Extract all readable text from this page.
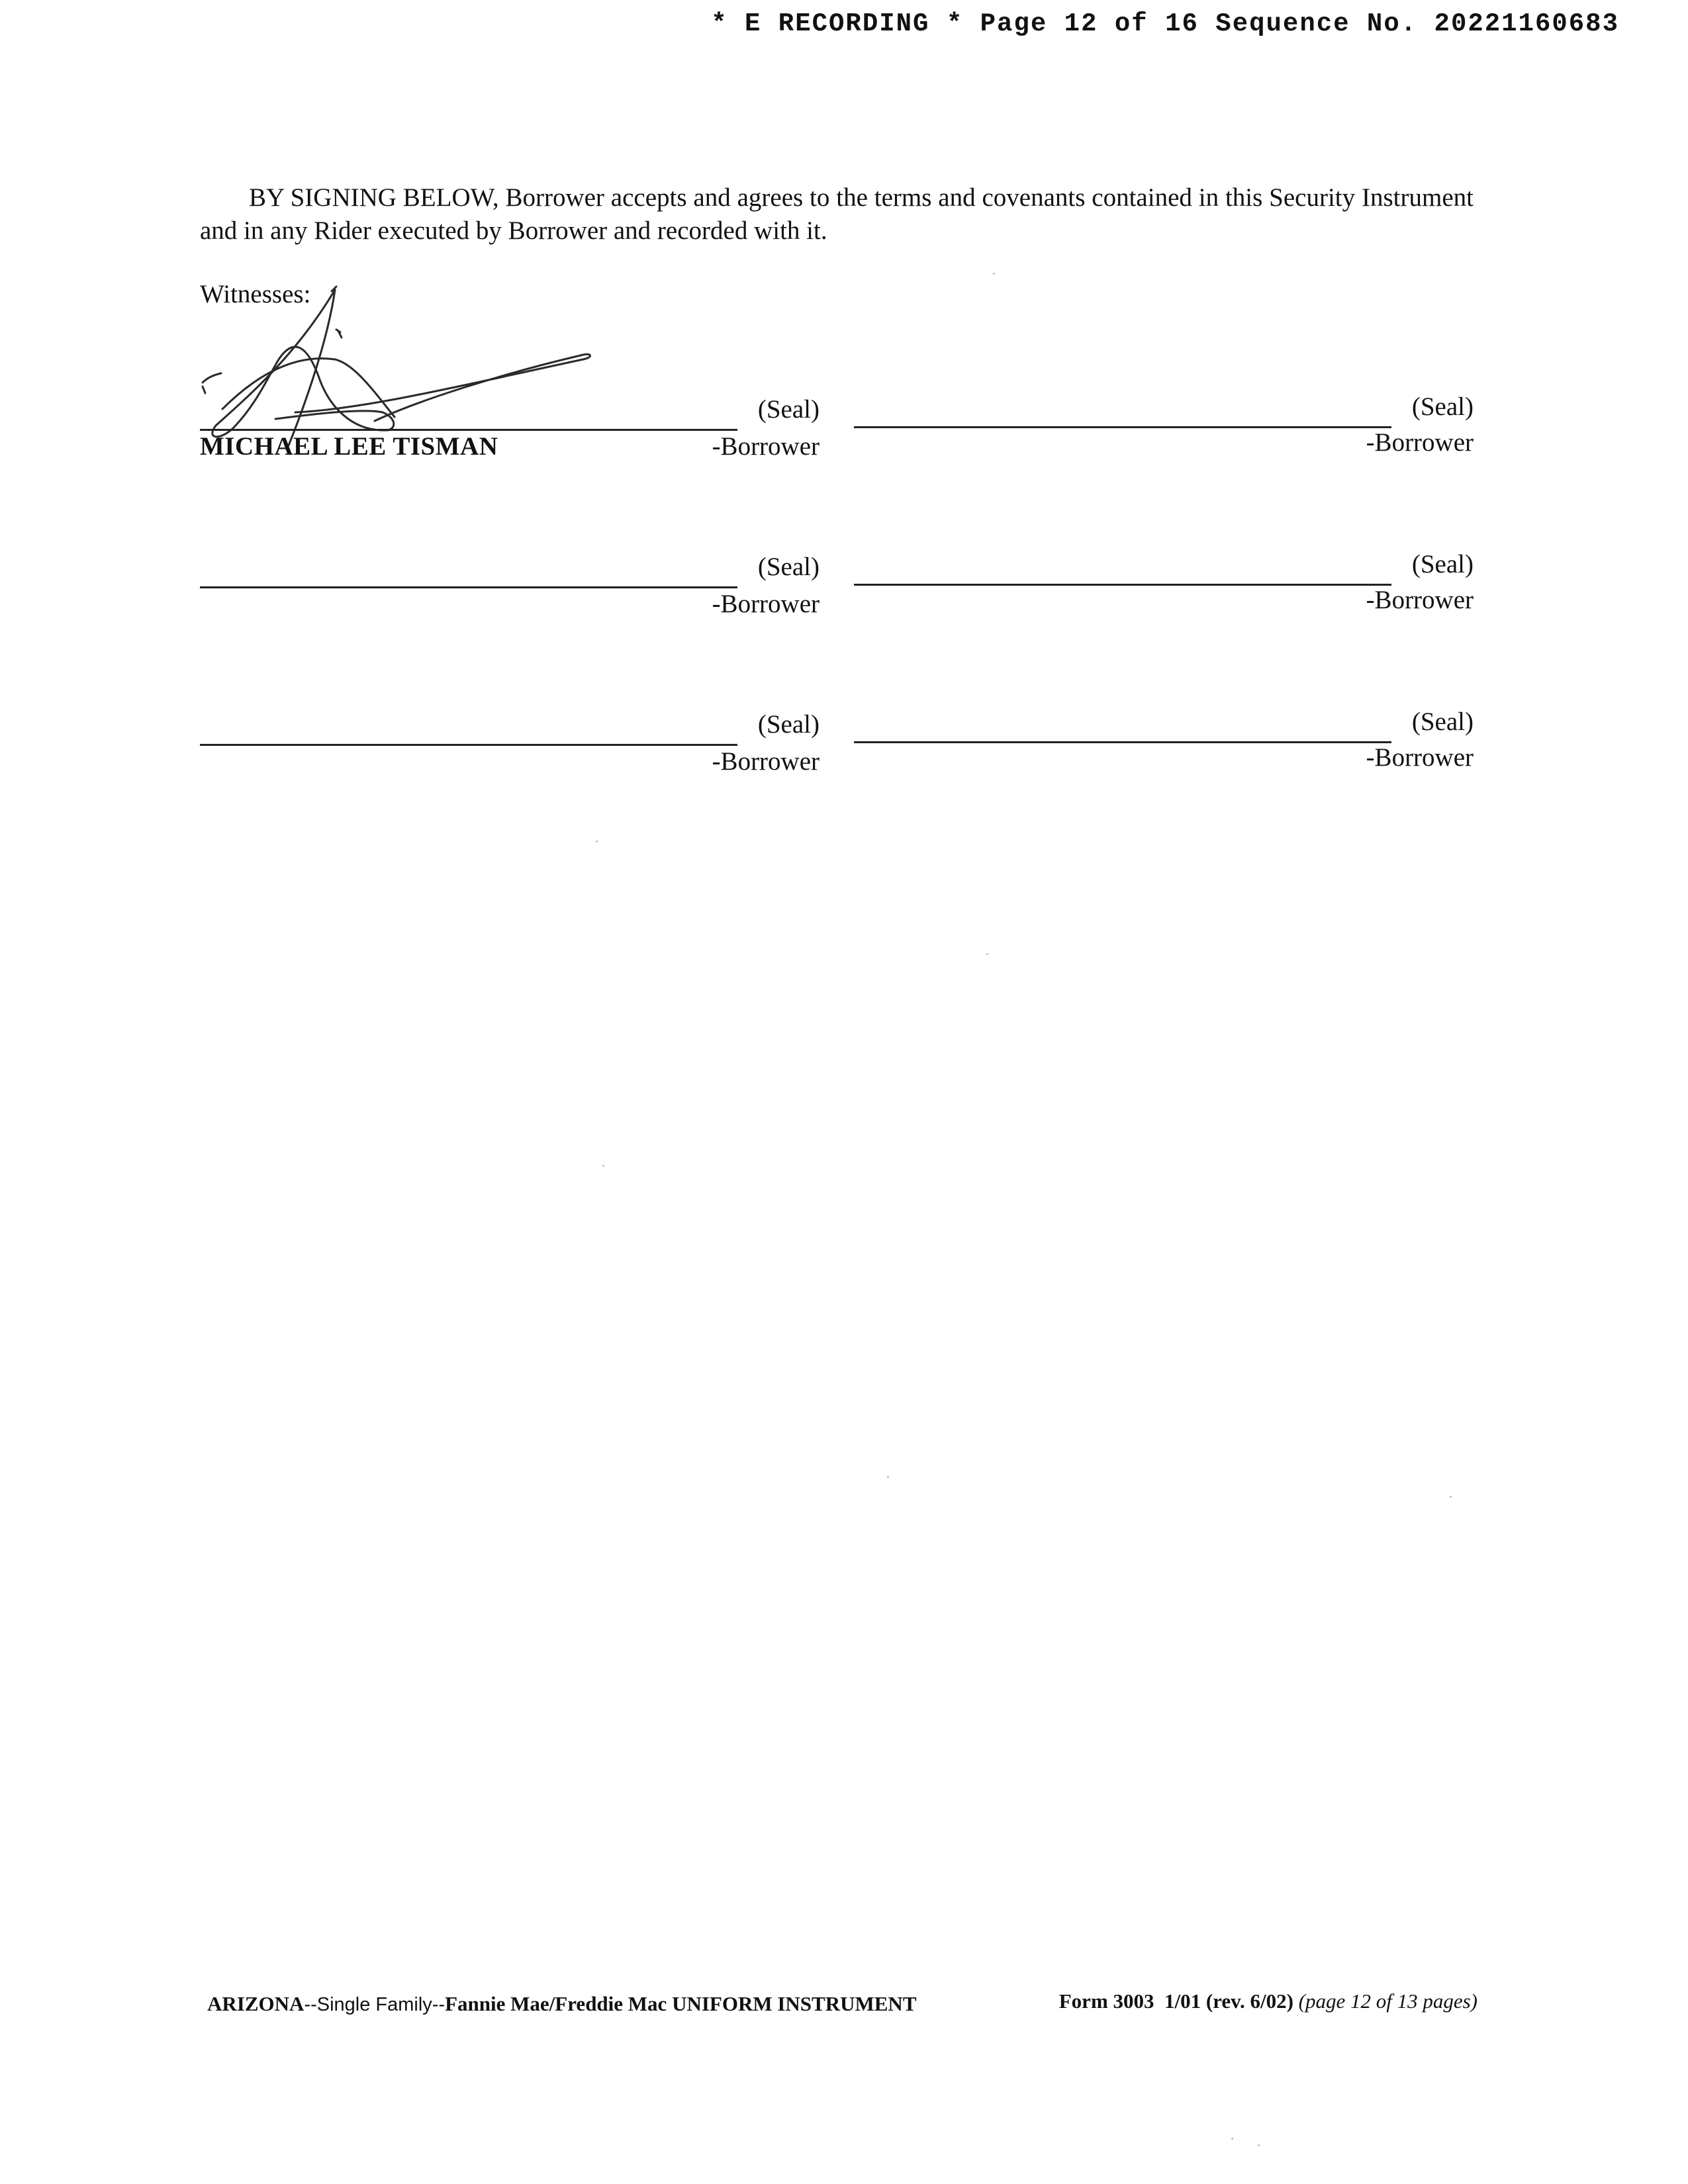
* E RECORDING * Page 12 of 16 Sequence No. 20221160683

BY SIGNING BELOW, Borrower accepts and agrees to the terms and covenants contained in this Security Instrument and in any Rider executed by Borrower and recorded with it.

Witnesses:
(Seal)
MICHAEL LEE TISMAN	-Borrower
(Seal)
-Borrower
(Seal)
-Borrower
(Seal)
-Borrower
(Seal)
-Borrower
(Seal)
-Borrower
ARIZONA--Single Family--Fannie Mae/Freddie Mac UNIFORM INSTRUMENT	Form 3003 1/01 (rev. 6/02) (page 12 of 13 pages)
